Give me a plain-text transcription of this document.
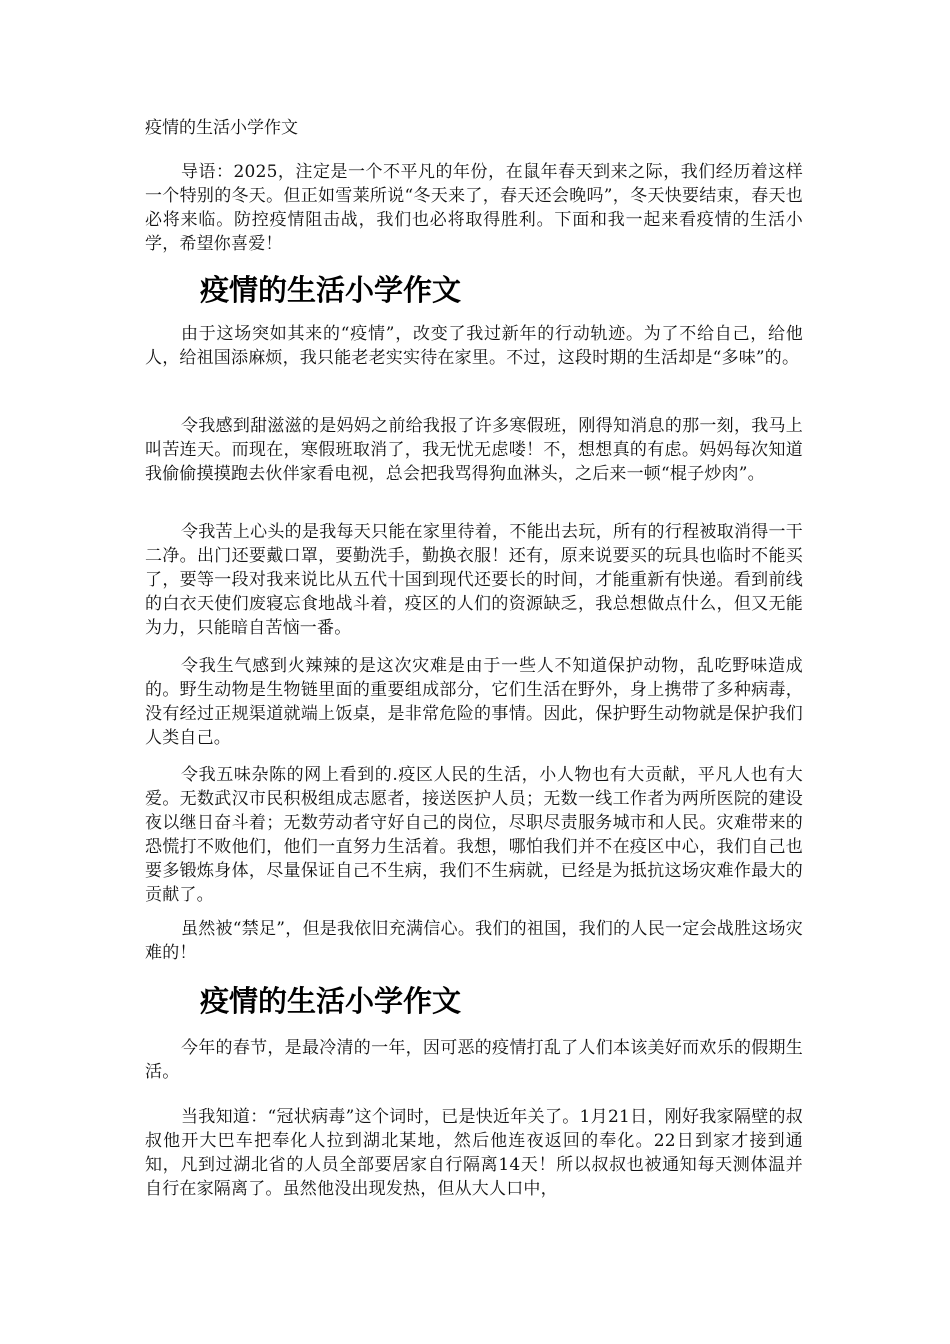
疫情的生活小学作文

导语：2025，注定是一个不平凡的年份，在鼠年春天到来之际，我们经历着这样一个特别的冬天。但正如雪莱所说“冬天来了，春天还会晚吗”，冬天快要结束，春天也必将来临。防控疫情阻击战，我们也必将取得胜利。下面和我一起来看疫情的生活小学，希望你喜爱！

疫情的生活小学作文

由于这场突如其来的“疫情”，改变了我过新年的行动轨迹。为了不给自己，给他人，给祖国添麻烦，我只能老老实实待在家里。不过，这段时期的生活却是“多味”的。

令我感到甜滋滋的是妈妈之前给我报了许多寒假班，刚得知消息的那一刻，我马上叫苦连天。而现在，寒假班取消了，我无忧无虑喽！不，想想真的有虑。妈妈每次知道我偷偷摸摸跑去伙伴家看电视，总会把我骂得狗血淋头，之后来一顿“棍子炒肉”。

令我苦上心头的是我每天只能在家里待着，不能出去玩，所有的行程被取消得一干二净。出门还要戴口罩，要勤洗手，勤换衣服！还有，原来说要买的玩具也临时不能买了，要等一段对我来说比从五代十国到现代还要长的时间，才能重新有快递。看到前线的白衣天使们废寝忘食地战斗着，疫区的人们的资源缺乏，我总想做点什么，但又无能为力，只能暗自苦恼一番。

令我生气感到火辣辣的是这次灾难是由于一些人不知道保护动物，乱吃野味造成的。野生动物是生物链里面的重要组成部分，它们生活在野外，身上携带了多种病毒，没有经过正规渠道就端上饭桌，是非常危险的事情。因此，保护野生动物就是保护我们人类自己。

令我五味杂陈的网上看到的.疫区人民的生活，小人物也有大贡献，平凡人也有大爱。无数武汉市民积极组成志愿者，接送医护人员；无数一线工作者为两所医院的建设夜以继日奋斗着；无数劳动者守好自己的岗位，尽职尽责服务城市和人民。灾难带来的恐慌打不败他们，他们一直努力生活着。我想，哪怕我们并不在疫区中心，我们自己也要多锻炼身体，尽量保证自己不生病，我们不生病就，已经是为抵抗这场灾难作最大的贡献了。

虽然被“禁足”，但是我依旧充满信心。我们的祖国，我们的人民一定会战胜这场灾难的！

疫情的生活小学作文

今年的春节，是最冷清的一年，因可恶的疫情打乱了人们本该美好而欢乐的假期生活。

当我知道：“冠状病毒”这个词时，已是快近年关了。1月21日，刚好我家隔壁的叔叔他开大巴车把奉化人拉到湖北某地，然后他连夜返回的奉化。22日到家才接到通知，凡到过湖北省的人员全部要居家自行隔离14天！所以叔叔也被通知每天测体温并自行在家隔离了。虽然他没出现发热，但从大人口中，
